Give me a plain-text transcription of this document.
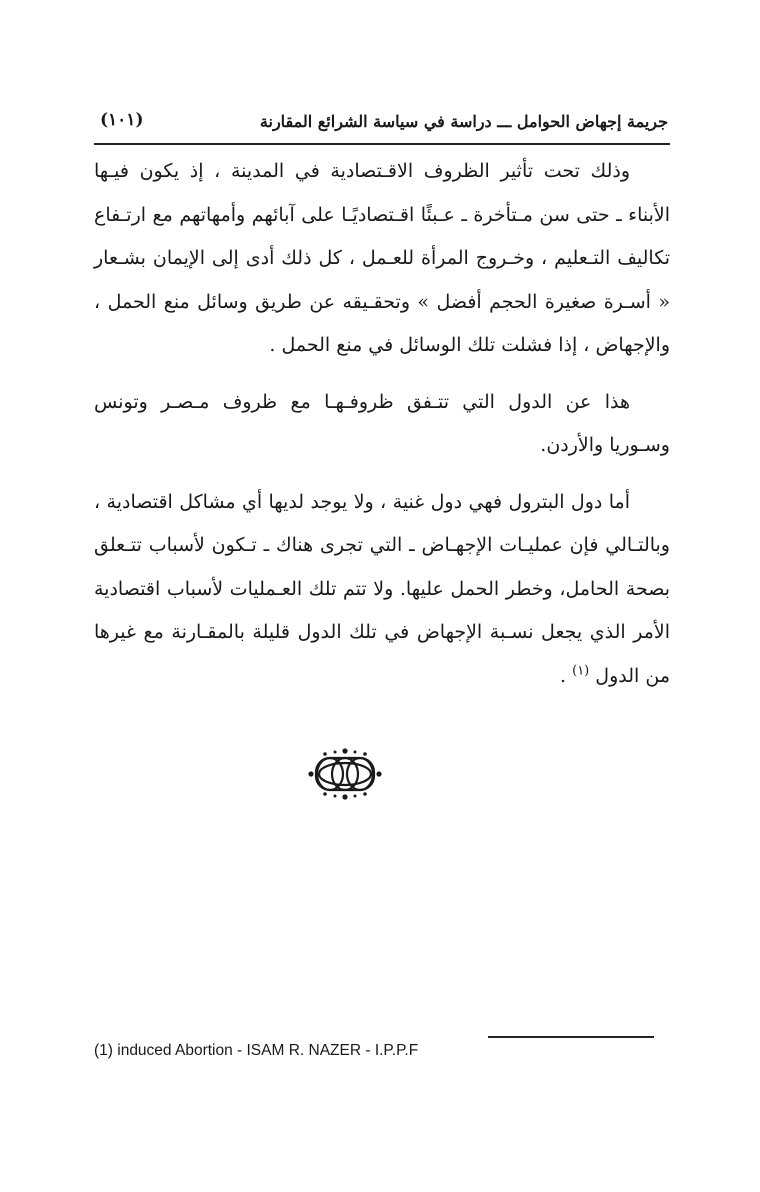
جريمة إجهاض الحوامل ـــ دراسة في سياسة الشرائع المقارنة
(١٠١)

وذلك تحت تأثير الظروف الاقـتصادية في المدينة ، إذ يكون فيـها الأبناء ـ حتى سن مـتأخرة ـ عـبئًا اقـتصاديًـا على آبائهم وأمهاتهم مع ارتـفاع تكاليف التـعليم ، وخـروج المرأة للعـمل ، كل ذلك أدى إلى الإيمان بشـعار « أسـرة صغيرة الحجم أفضل » وتحقـيقه عن طريق وسائل منع الحمل ، والإجهاض ، إذا فشلت تلك الوسائل في منع الحمل .

هذا عن الدول التي تتـفق ظروفـهـا مع ظروف مـصـر وتونس وسـوريا والأردن.

أما دول البترول فهي دول غنية ، ولا يوجد لديها أي مشاكل اقتصادية ، وبالتـالي فإن عمليـات الإجهـاض ـ التي تجرى هناك ـ تـكون لأسباب تتـعلق بصحة الحامل، وخطر الحمل عليها. ولا تتم تلك العـمليات لأسباب اقتصادية الأمر الذي يجعل نسـبة الإجهاض في تلك الدول قليلة بالمقـارنة مع غيرها من الدول $^{(١)}$ .

(1) induced Abortion - ISAM R. NAZER - I.P.P.F
